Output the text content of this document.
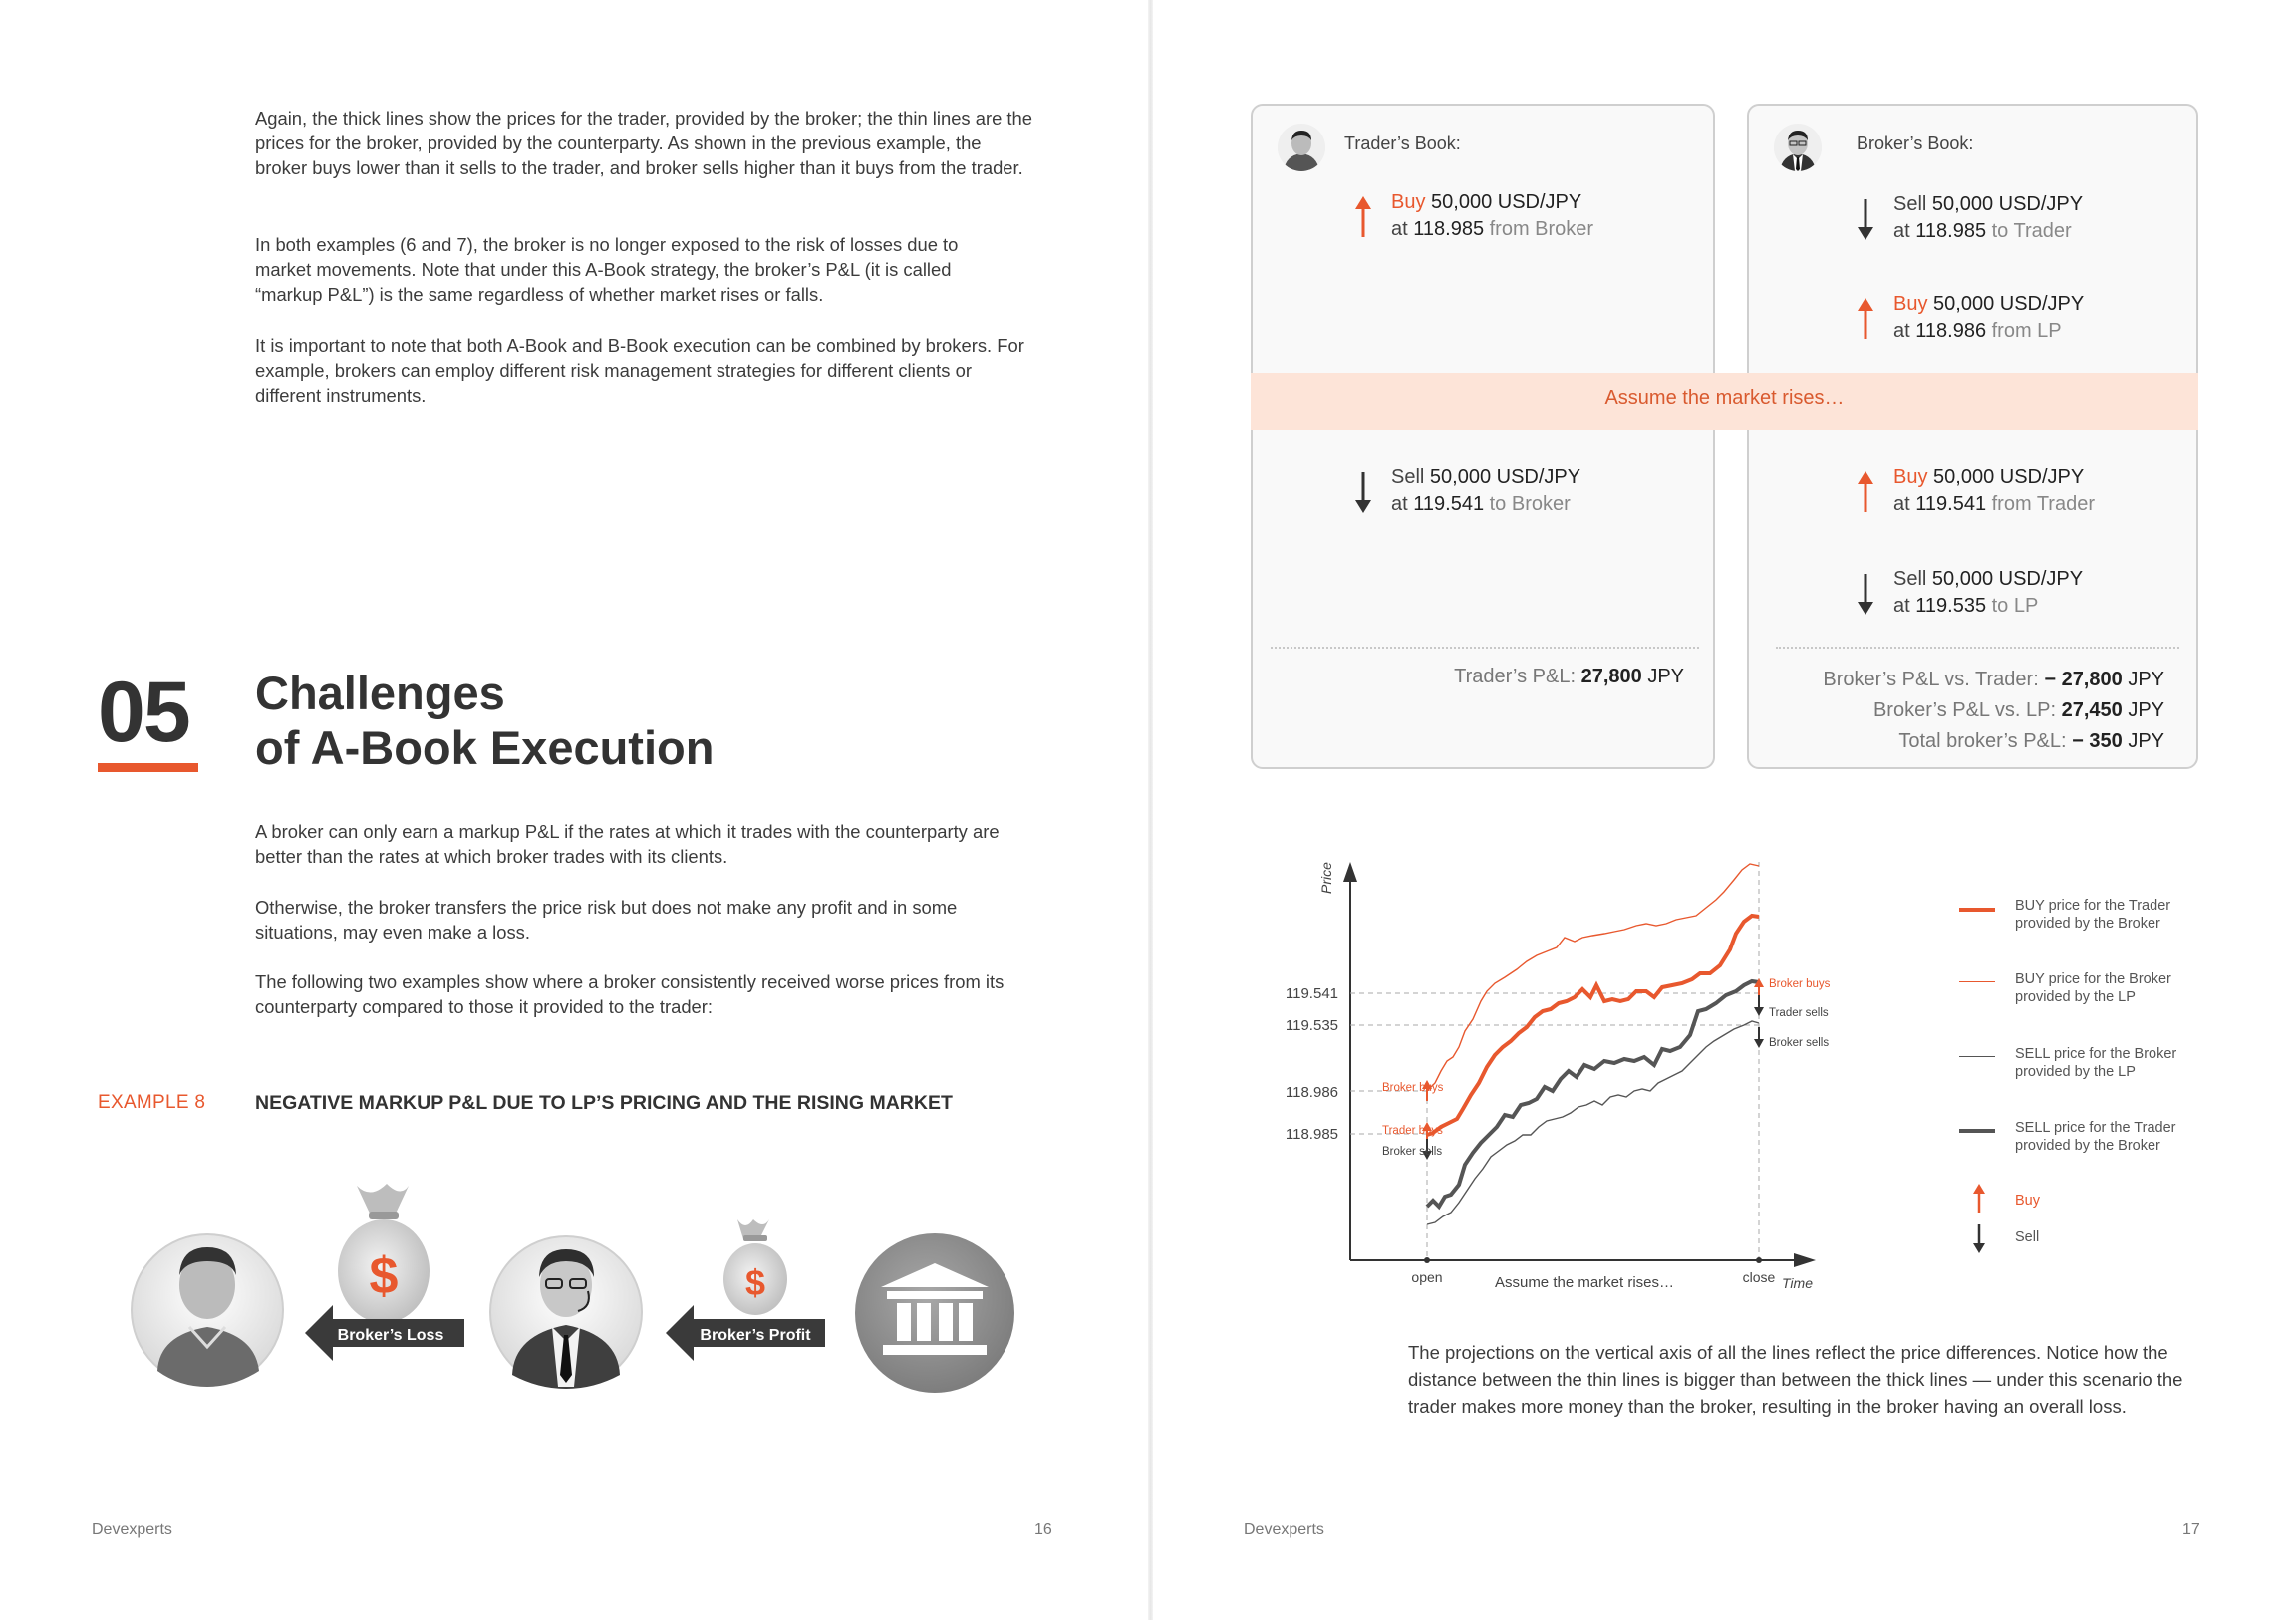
Again, the thick lines show the prices for the trader, provided by the broker; the thin lines are the prices for the broker, provided by the counterparty. As shown in the previous example, the broker buys lower than it sells to the trader, and broker sells higher than it buys from the trader.

In both examples (6 and 7), the broker is no longer exposed to the risk of losses due to market movements. Note that under this A-Book strategy, the broker’s P&L (it is called “markup P&L”) is the same regardless of whether market rises or falls.

It is important to note that both A-Book and B-Book execution can be combined by brokers. For example, brokers can employ different risk management strategies for different clients or different instruments.

05 Challenges
of A-Book Execution

A broker can only earn a markup P&L if the rates at which it trades with the counterparty are better than the rates at which broker trades with its clients.

Otherwise, the broker transfers the price risk but does not make any profit and in some situations, may even make a loss.

The following two examples show where a broker consistently received worse prices from its counterparty compared to those it provided to the trader:

EXAMPLE 8	NEGATIVE MARKUP P&L DUE TO LP’S PRICING AND THE RISING MARKET
$
Broker’s Loss
$
Broker’s Profit
Devexperts	16
Trader’s Book:
Buy 50,000 USD/JPY
at 118.985 from Broker
Sell 50,000 USD/JPY
at 119.541 to Broker
Broker’s Book:
Sell 50,000 USD/JPY
at 118.985 to Trader
Buy 50,000 USD/JPY
at 118.986 from LP
Buy 50,000 USD/JPY
at 119.541 from Trader
Sell 50,000 USD/JPY
at 119.535 to LP
Assume the market rises…
Trader’s P&L: 27,800 JPY	Broker’s P&L vs. Trader: − 27,800 JPY
Broker’s P&L vs. LP: 27,450 JPY
Total broker’s P&L: − 350 JPY
Price
Time
119.541
119.535
118.986
118.985
open	close
Assume the market rises…
Broker buys
Trader buys
Broker sells
Broker buys
Trader sells
Broker sells
BUY price for the Trader
provided by the Broker
BUY price for the Broker
provided by the LP
SELL price for the Broker
provided by the LP
SELL price for the Trader
provided by the Broker
Buy
Sell

The projections on the vertical axis of all the lines reflect the price differences. Notice how the distance between the thin lines is bigger than between the thick lines — under this scenario the trader makes more money than the broker, resulting in the broker having an overall loss.

Devexperts	17
